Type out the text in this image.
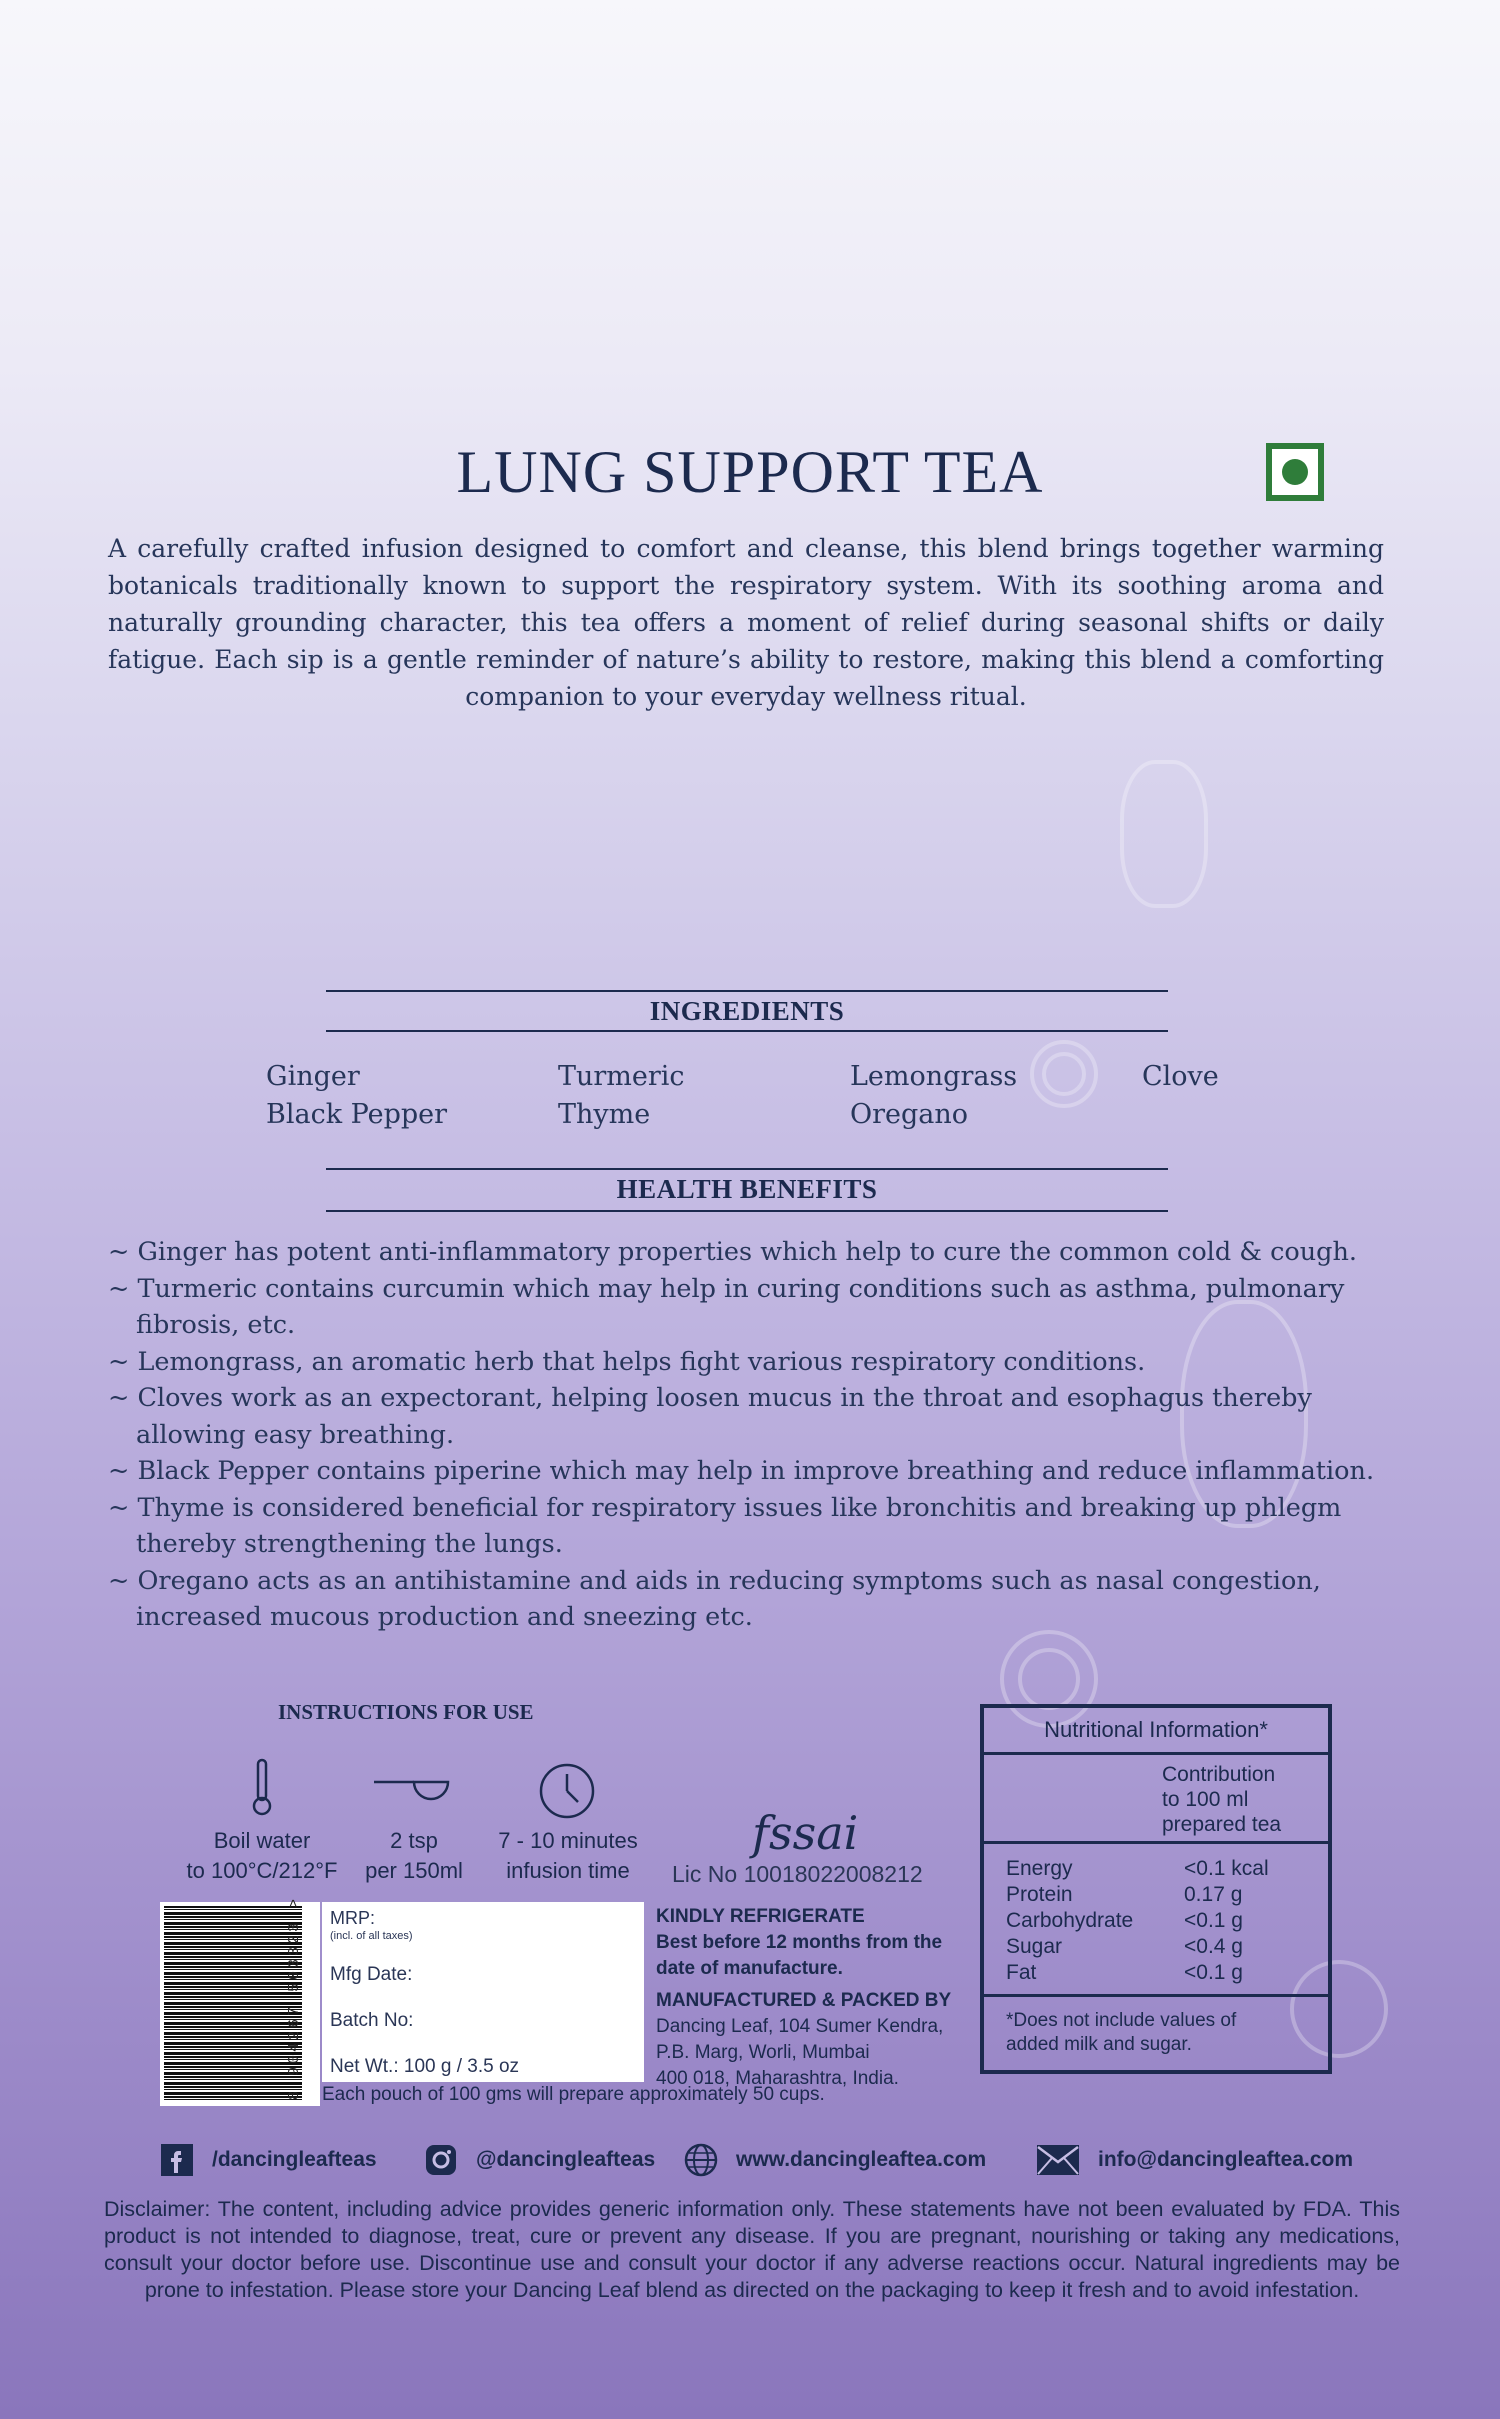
LUNG SUPPORT TEA

A carefully crafted infusion designed to comfort and cleanse, this blend brings together warming botanicals traditionally known to support the respiratory system. With its soothing aroma and naturally grounding character, this tea offers a moment of relief during seasonal shifts or daily fatigue. Each sip is a gentle reminder of nature’s ability to restore, making this blend a comforting companion to your everyday wellness ritual.

INGREDIENTS
Ginger	Turmeric	Lemongrass	Clove
Black Pepper	Thyme	Oregano
HEALTH BENEFITS
~ Ginger has potent anti-inflammatory properties which help to cure the common cold & cough.
~ Turmeric contains curcumin which may help in curing conditions such as asthma, pulmonary fibrosis, etc.
~ Lemongrass, an aromatic herb that helps fight various respiratory conditions.
~ Cloves work as an expectorant, helping loosen mucus in the throat and esophagus thereby allowing easy breathing.
~ Black Pepper contains piperine which may help in improve breathing and reduce inflammation.
~ Thyme is considered beneficial for respiratory issues like bronchitis and breaking up phlegm thereby strengthening the lungs.
~ Oregano acts as an antihistamine and aids in reducing symptoms such as nasal congestion, increased mucous production and sneezing etc.
INSTRUCTIONS FOR USE
Boil water
to 100°C/212°F
2 tsp
per 150ml
7 - 10 minutes
infusion time
fssai
Lic No 10018022008212
8 904267 503323 > MRP:
(incl. of all taxes)
Mfg Date:
Batch No:
Net Wt.: 100 g / 3.5 oz
Each pouch of 100 gms will prepare approximately 50 cups.
KINDLY REFRIGERATE
Best before 12 months from the date of manufacture.
MANUFACTURED & PACKED BY
Dancing Leaf, 104 Sumer Kendra,
P.B. Marg, Worli, Mumbai
400 018, Maharashtra, India.
Nutritional Information*
Contribution
to 100 ml
prepared tea
Energy	<0.1 kcal
Protein	0.17 g
Carbohydrate	<0.1 g
Sugar	<0.4 g
Fat	<0.1 g
*Does not include values of
added milk and sugar.
/dancingleafteas	@dancingleafteas	www.dancingleaftea.com	info@dancingleaftea.com

Disclaimer: The content, including advice provides generic information only. These statements have not been evaluated by FDA. This product is not intended to diagnose, treat, cure or prevent any disease. If you are pregnant, nourishing or taking any medications, consult your doctor before use. Discontinue use and consult your doctor if any adverse reactions occur. Natural ingredients may be prone to infestation. Please store your Dancing Leaf blend as directed on the packaging to keep it fresh and to avoid infestation.
